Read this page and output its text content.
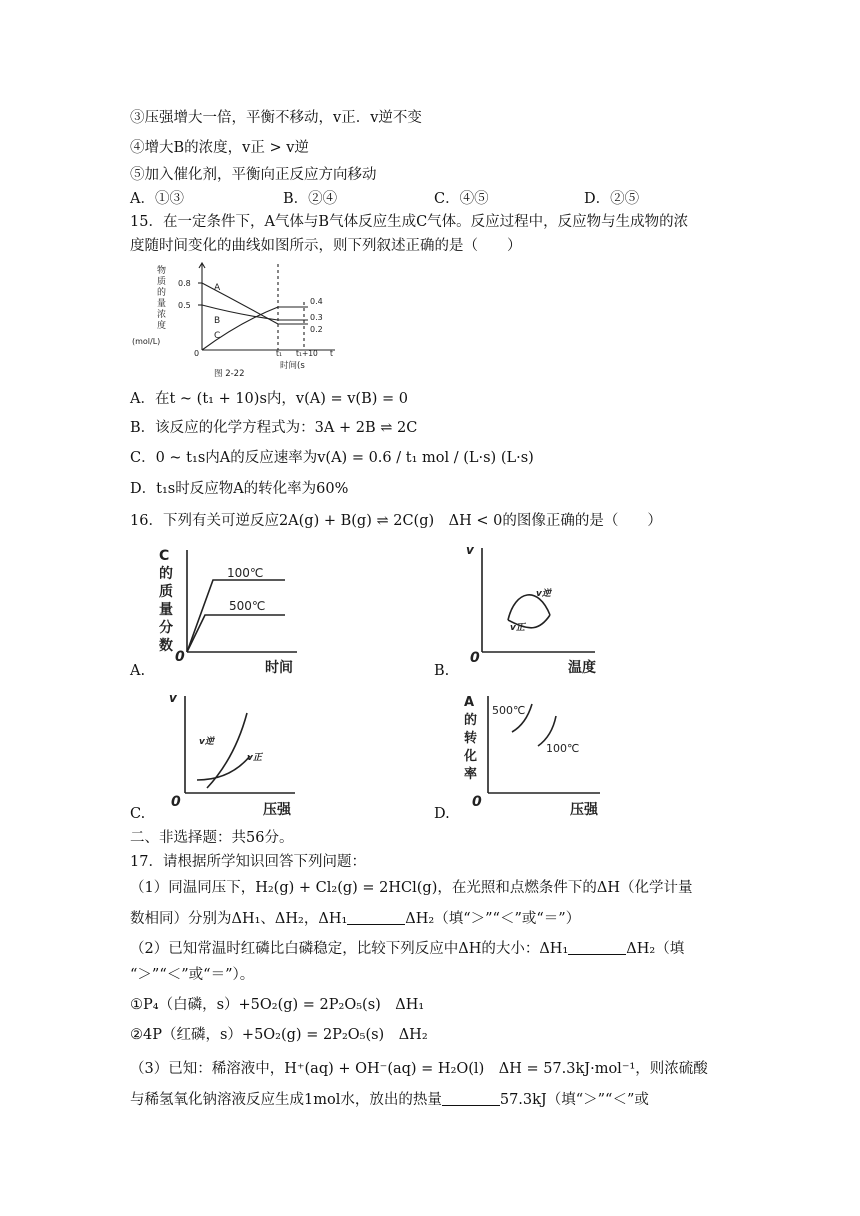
③压强增大一倍，平衡不移动，v正．v逆不变
④增大B的浓度，v正 > v逆
⑤加入催化剂，平衡向正反应方向移动
A．①③	B．②④	C．④⑤	D．②⑤
15．在一定条件下，A气体与B气体反应生成C气体。反应过程中，反应物与生成物的浓
度随时间变化的曲线如图所示，则下列叙述正确的是（　　）
物
质
的
量
浓
度
(mol/L)
0.8
0.5
0
A
B
C
0.4
0.3
0.2
t₁ t₁+10 t
时间(s
图 2-22
A．在t ~ (t₁ + 10)s内，v(A) = v(B) = 0
B．该反应的化学方程式为：3A + 2B ⇌ 2C
C．0 ~ t₁s内A的反应速率为v(A) = 0.6 / t₁ mol / (L·s) (L·s)
D．t₁s时反应物A的转化率为60%
16．下列有关可逆反应2A(g) + B(g) ⇌ 2C(g)　ΔH < 0的图像正确的是（　　）
C
的
质
量
分
数
0
时间
100℃
500℃
A.
v
0
v逆
v正
温度
B.
v
0
v逆
v正
压强
C.
A
的
转
化
率
0	压强
500℃
100℃
D.
二、非选择题：共56分。
17．请根据所学知识回答下列问题：
（1）同温同压下，H₂(g) + Cl₂(g) = 2HCl(g)，在光照和点燃条件下的ΔH（化学计量
数相同）分别为ΔH₁、ΔH₂，ΔH₁	ΔH₂（填“＞”“＜”或“＝”）
（2）已知常温时红磷比白磷稳定，比较下列反应中ΔH的大小：ΔH₁	ΔH₂（填
“＞”“＜”或“＝”）。
①P₄（白磷，s）+5O₂(g) = 2P₂O₅(s)　ΔH₁
②4P（红磷，s）+5O₂(g) = 2P₂O₅(s)　ΔH₂
（3）已知：稀溶液中，H⁺(aq) + OH⁻(aq) = H₂O(l)　ΔH = 57.3kJ·mol⁻¹，则浓硫酸
与稀氢氧化钠溶液反应生成1mol水，放出的热量	57.3kJ（填“＞”“＜”或
